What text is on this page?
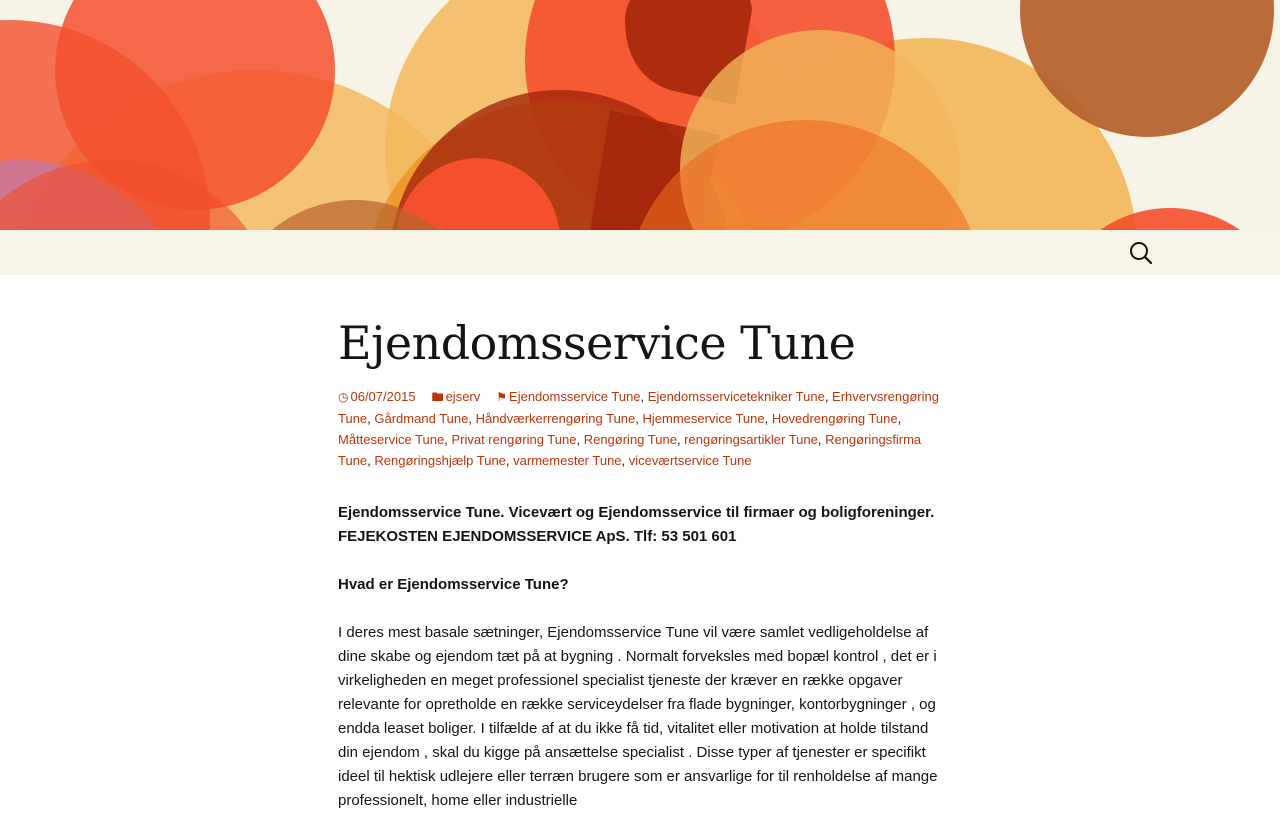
Ejendomsservice Tune
◷ 06/07/2015 🖿 ejserv ⚑ Ejendomsservice Tune, Ejendomsservicetekniker Tune, Erhvervsrengøring Tune, Gårdmand Tune, Håndværkerrengøring Tune, Hjemmeservice Tune, Hovedrengøring Tune, Måtteservice Tune, Privat rengøring Tune, Rengøring Tune, rengøringsartikler Tune, Rengøringsfirma Tune, Rengøringshjælp Tune, varmemester Tune, viceværtservice Tune

Ejendomsservice Tune. Vicevært og Ejendomsservice til firmaer og boligforeninger. FEJEKOSTEN EJENDOMSSERVICE ApS. Tlf: 53 501 601

Hvad er Ejendomsservice Tune?

I deres mest basale sætninger, Ejendomsservice Tune vil være samlet vedligeholdelse af dine skabe og ejendom tæt på at bygning . Normalt forveksles med bopæl kontrol , det er i virkeligheden en meget professionel specialist tjeneste der kræver en række opgaver relevante for opretholde en række serviceydelser fra flade bygninger, kontorbygninger , og endda leaset boliger. I tilfælde af at du ikke få tid, vitalitet eller motivation at holde tilstand din ejendom , skal du kigge på ansættelse specialist . Disse typer af tjenester er specifikt ideel til hektisk udlejere eller terræn brugere som er ansvarlige for til renholdelse af mange professionelt, home eller industrielle
